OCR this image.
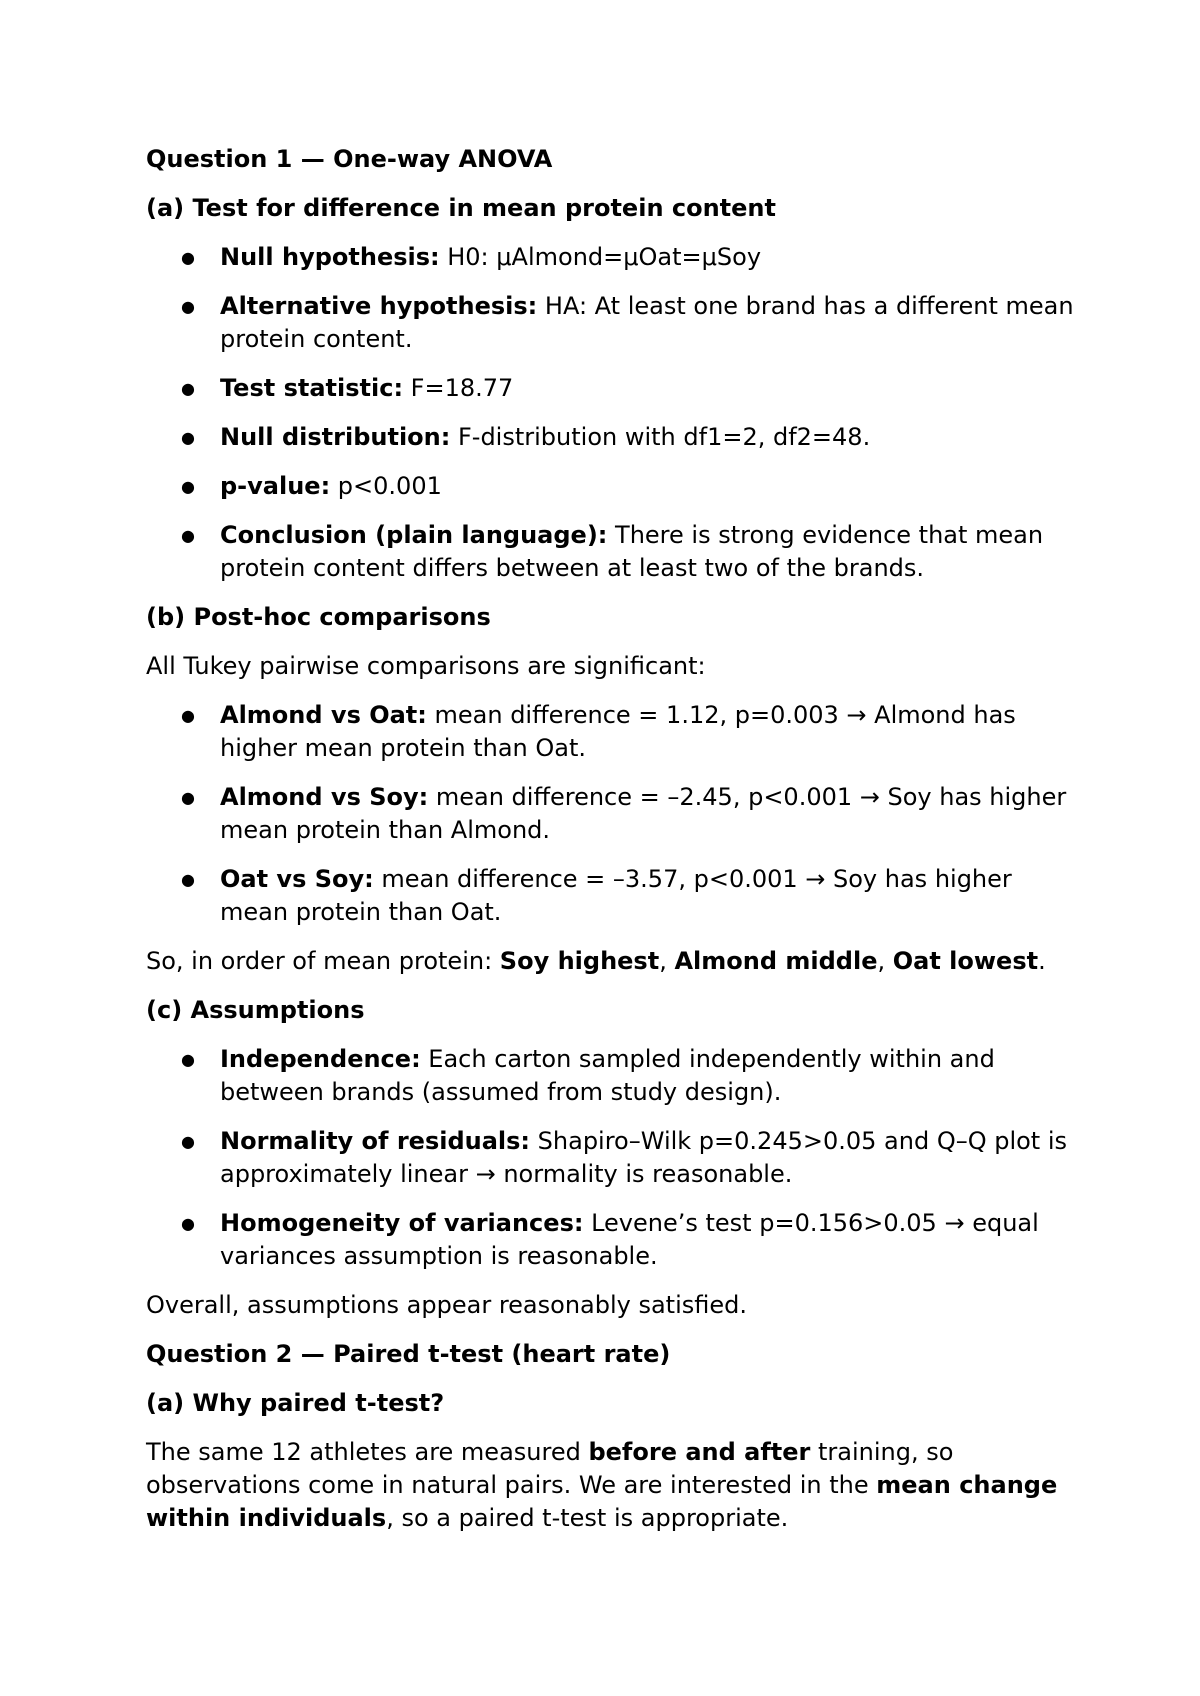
Question 1 — One-way ANOVA
(a) Test for difference in mean protein content
● Null hypothesis: H0: μAlmond=μOat=μSoy
● Alternative hypothesis: HA: At least one brand has a different mean protein content.
● Test statistic: F=18.77
● Null distribution: F-distribution with df1=2, df2=48.
● p-value: p<0.001
● Conclusion (plain language): There is strong evidence that mean protein content differs between at least two of the brands.
(b) Post-hoc comparisons

All Tukey pairwise comparisons are significant:

● Almond vs Oat: mean difference = 1.12, p=0.003 → Almond has higher mean protein than Oat.
● Almond vs Soy: mean difference = –2.45, p<0.001 → Soy has higher mean protein than Almond.
● Oat vs Soy: mean difference = –3.57, p<0.001 → Soy has higher mean protein than Oat.

So, in order of mean protein: Soy highest, Almond middle, Oat lowest.

(c) Assumptions
● Independence: Each carton sampled independently within and between brands (assumed from study design).
● Normality of residuals: Shapiro–Wilk p=0.245>0.05 and Q–Q plot is approximately linear → normality is reasonable.
● Homogeneity of variances: Levene’s test p=0.156>0.05 → equal variances assumption is reasonable.

Overall, assumptions appear reasonably satisfied.

Question 2 — Paired t-test (heart rate)
(a) Why paired t-test?

The same 12 athletes are measured before and after training, so observations come in natural pairs. We are interested in the mean change within individuals, so a paired t-test is appropriate.
